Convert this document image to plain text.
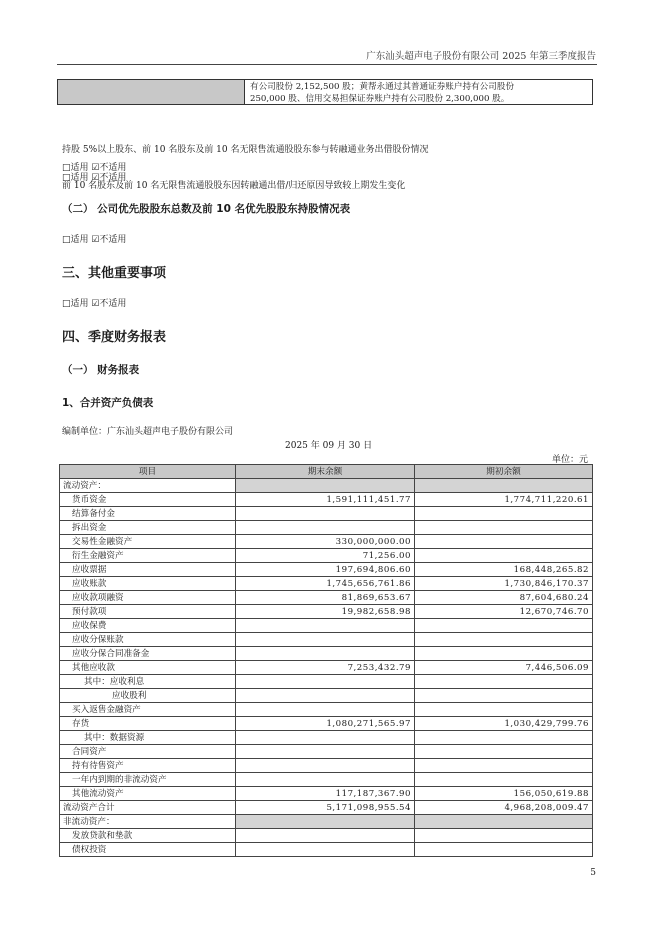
广东汕头超声电子股份有限公司 2025 年第三季度报告
有公司股份 2,152,500 股；黄帮永通过其普通证券账户持有公司股份
250,000 股、信用交易担保证券账户持有公司股份 2,300,000 股。
持股 5%以上股东、前 10 名股东及前 10 名无限售流通股股东参与转融通业务出借股份情况
□适用 ☑不适用
前 10 名股东及前 10 名无限售流通股股东因转融通出借/归还原因导致较上期发生变化
□适用 ☑不适用
（二） 公司优先股股东总数及前 10 名优先股股东持股情况表
□适用 ☑不适用
三、其他重要事项
□适用 ☑不适用
四、季度财务报表
（一） 财务报表
1、合并资产负债表
编制单位：广东汕头超声电子股份有限公司
2025 年 09 月 30 日
单位：元
项目	期末余额	期初余额
流动资产：		
货币资金	1,591,111,451.77	1,774,711,220.61
结算备付金		
拆出资金		
交易性金融资产	330,000,000.00	
衍生金融资产	71,256.00	
应收票据	197,694,806.60	168,448,265.82
应收账款	1,745,656,761.86	1,730,846,170.37
应收款项融资	81,869,653.67	87,604,680.24
预付款项	19,982,658.98	12,670,746.70
应收保费		
应收分保账款		
应收分保合同准备金		
其他应收款	7,253,432.79	7,446,506.09
其中：应收利息		
应收股利		
买入返售金融资产		
存货	1,080,271,565.97	1,030,429,799.76
其中：数据资源		
合同资产		
持有待售资产		
一年内到期的非流动资产		
其他流动资产	117,187,367.90	156,050,619.88
流动资产合计	5,171,098,955.54	4,968,208,009.47
非流动资产：		
发放贷款和垫款		
债权投资		
5
